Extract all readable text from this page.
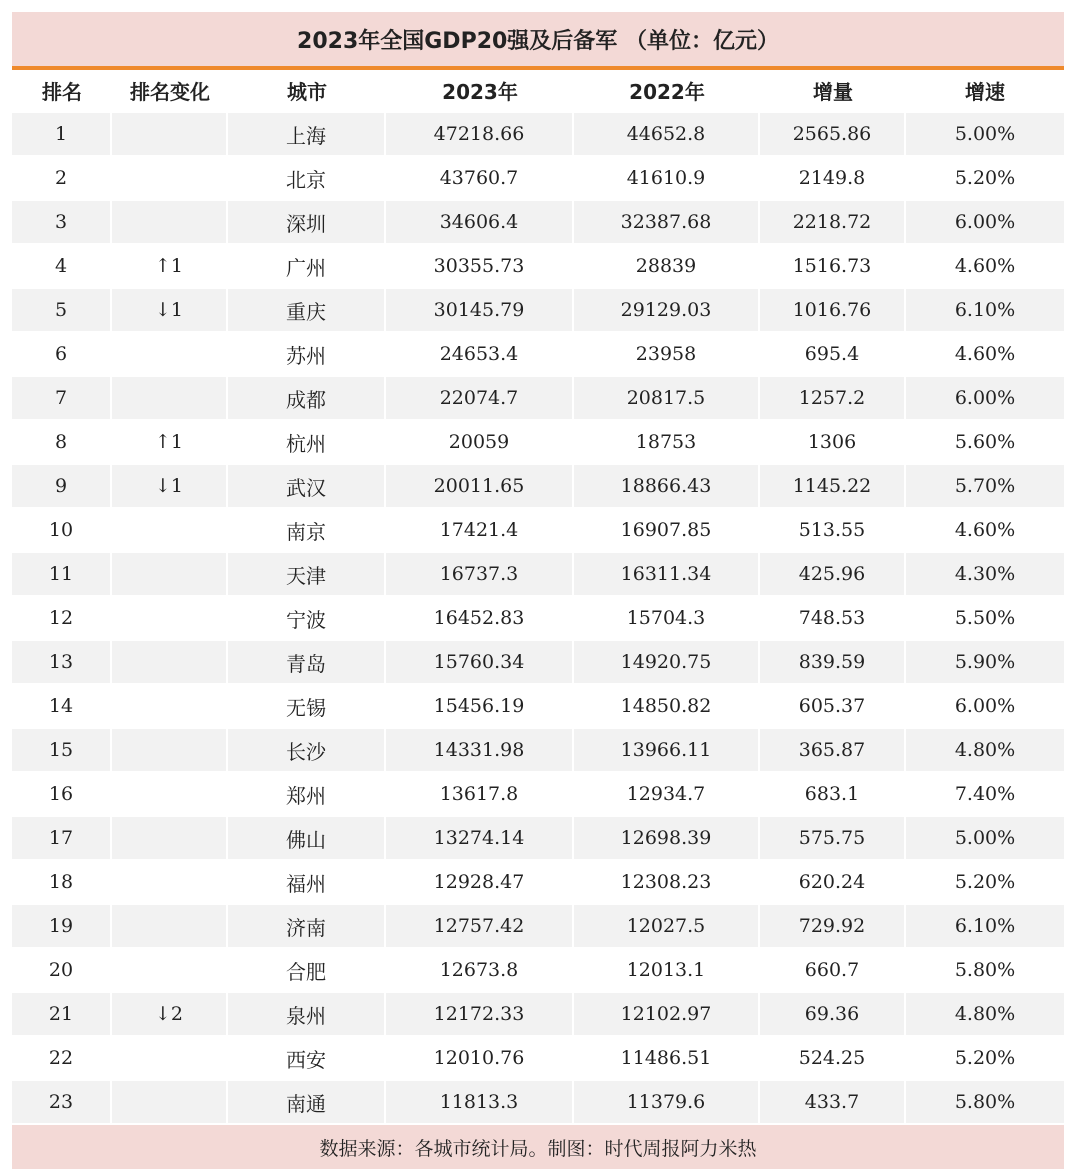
2023年全国GDP20强及后备军 （单位：亿元）
排名	排名变化	城市	2023年	2022年	增量	增速
1		上海	47218.66	44652.8	2565.86	5.00%
2		北京	43760.7	41610.9	2149.8	5.20%
3		深圳	34606.4	32387.68	2218.72	6.00%
4	↑1	广州	30355.73	28839	1516.73	4.60%
5	↓1	重庆	30145.79	29129.03	1016.76	6.10%
6		苏州	24653.4	23958	695.4	4.60%
7		成都	22074.7	20817.5	1257.2	6.00%
8	↑1	杭州	20059	18753	1306	5.60%
9	↓1	武汉	20011.65	18866.43	1145.22	5.70%
10		南京	17421.4	16907.85	513.55	4.60%
11		天津	16737.3	16311.34	425.96	4.30%
12		宁波	16452.83	15704.3	748.53	5.50%
13		青岛	15760.34	14920.75	839.59	5.90%
14		无锡	15456.19	14850.82	605.37	6.00%
15		长沙	14331.98	13966.11	365.87	4.80%
16		郑州	13617.8	12934.7	683.1	7.40%
17		佛山	13274.14	12698.39	575.75	5.00%
18		福州	12928.47	12308.23	620.24	5.20%
19		济南	12757.42	12027.5	729.92	6.10%
20		合肥	12673.8	12013.1	660.7	5.80%
21	↓2	泉州	12172.33	12102.97	69.36	4.80%
22		西安	12010.76	11486.51	524.25	5.20%
23		南通	11813.3	11379.6	433.7	5.80%
数据来源：各城市统计局。制图：时代周报阿力米热
